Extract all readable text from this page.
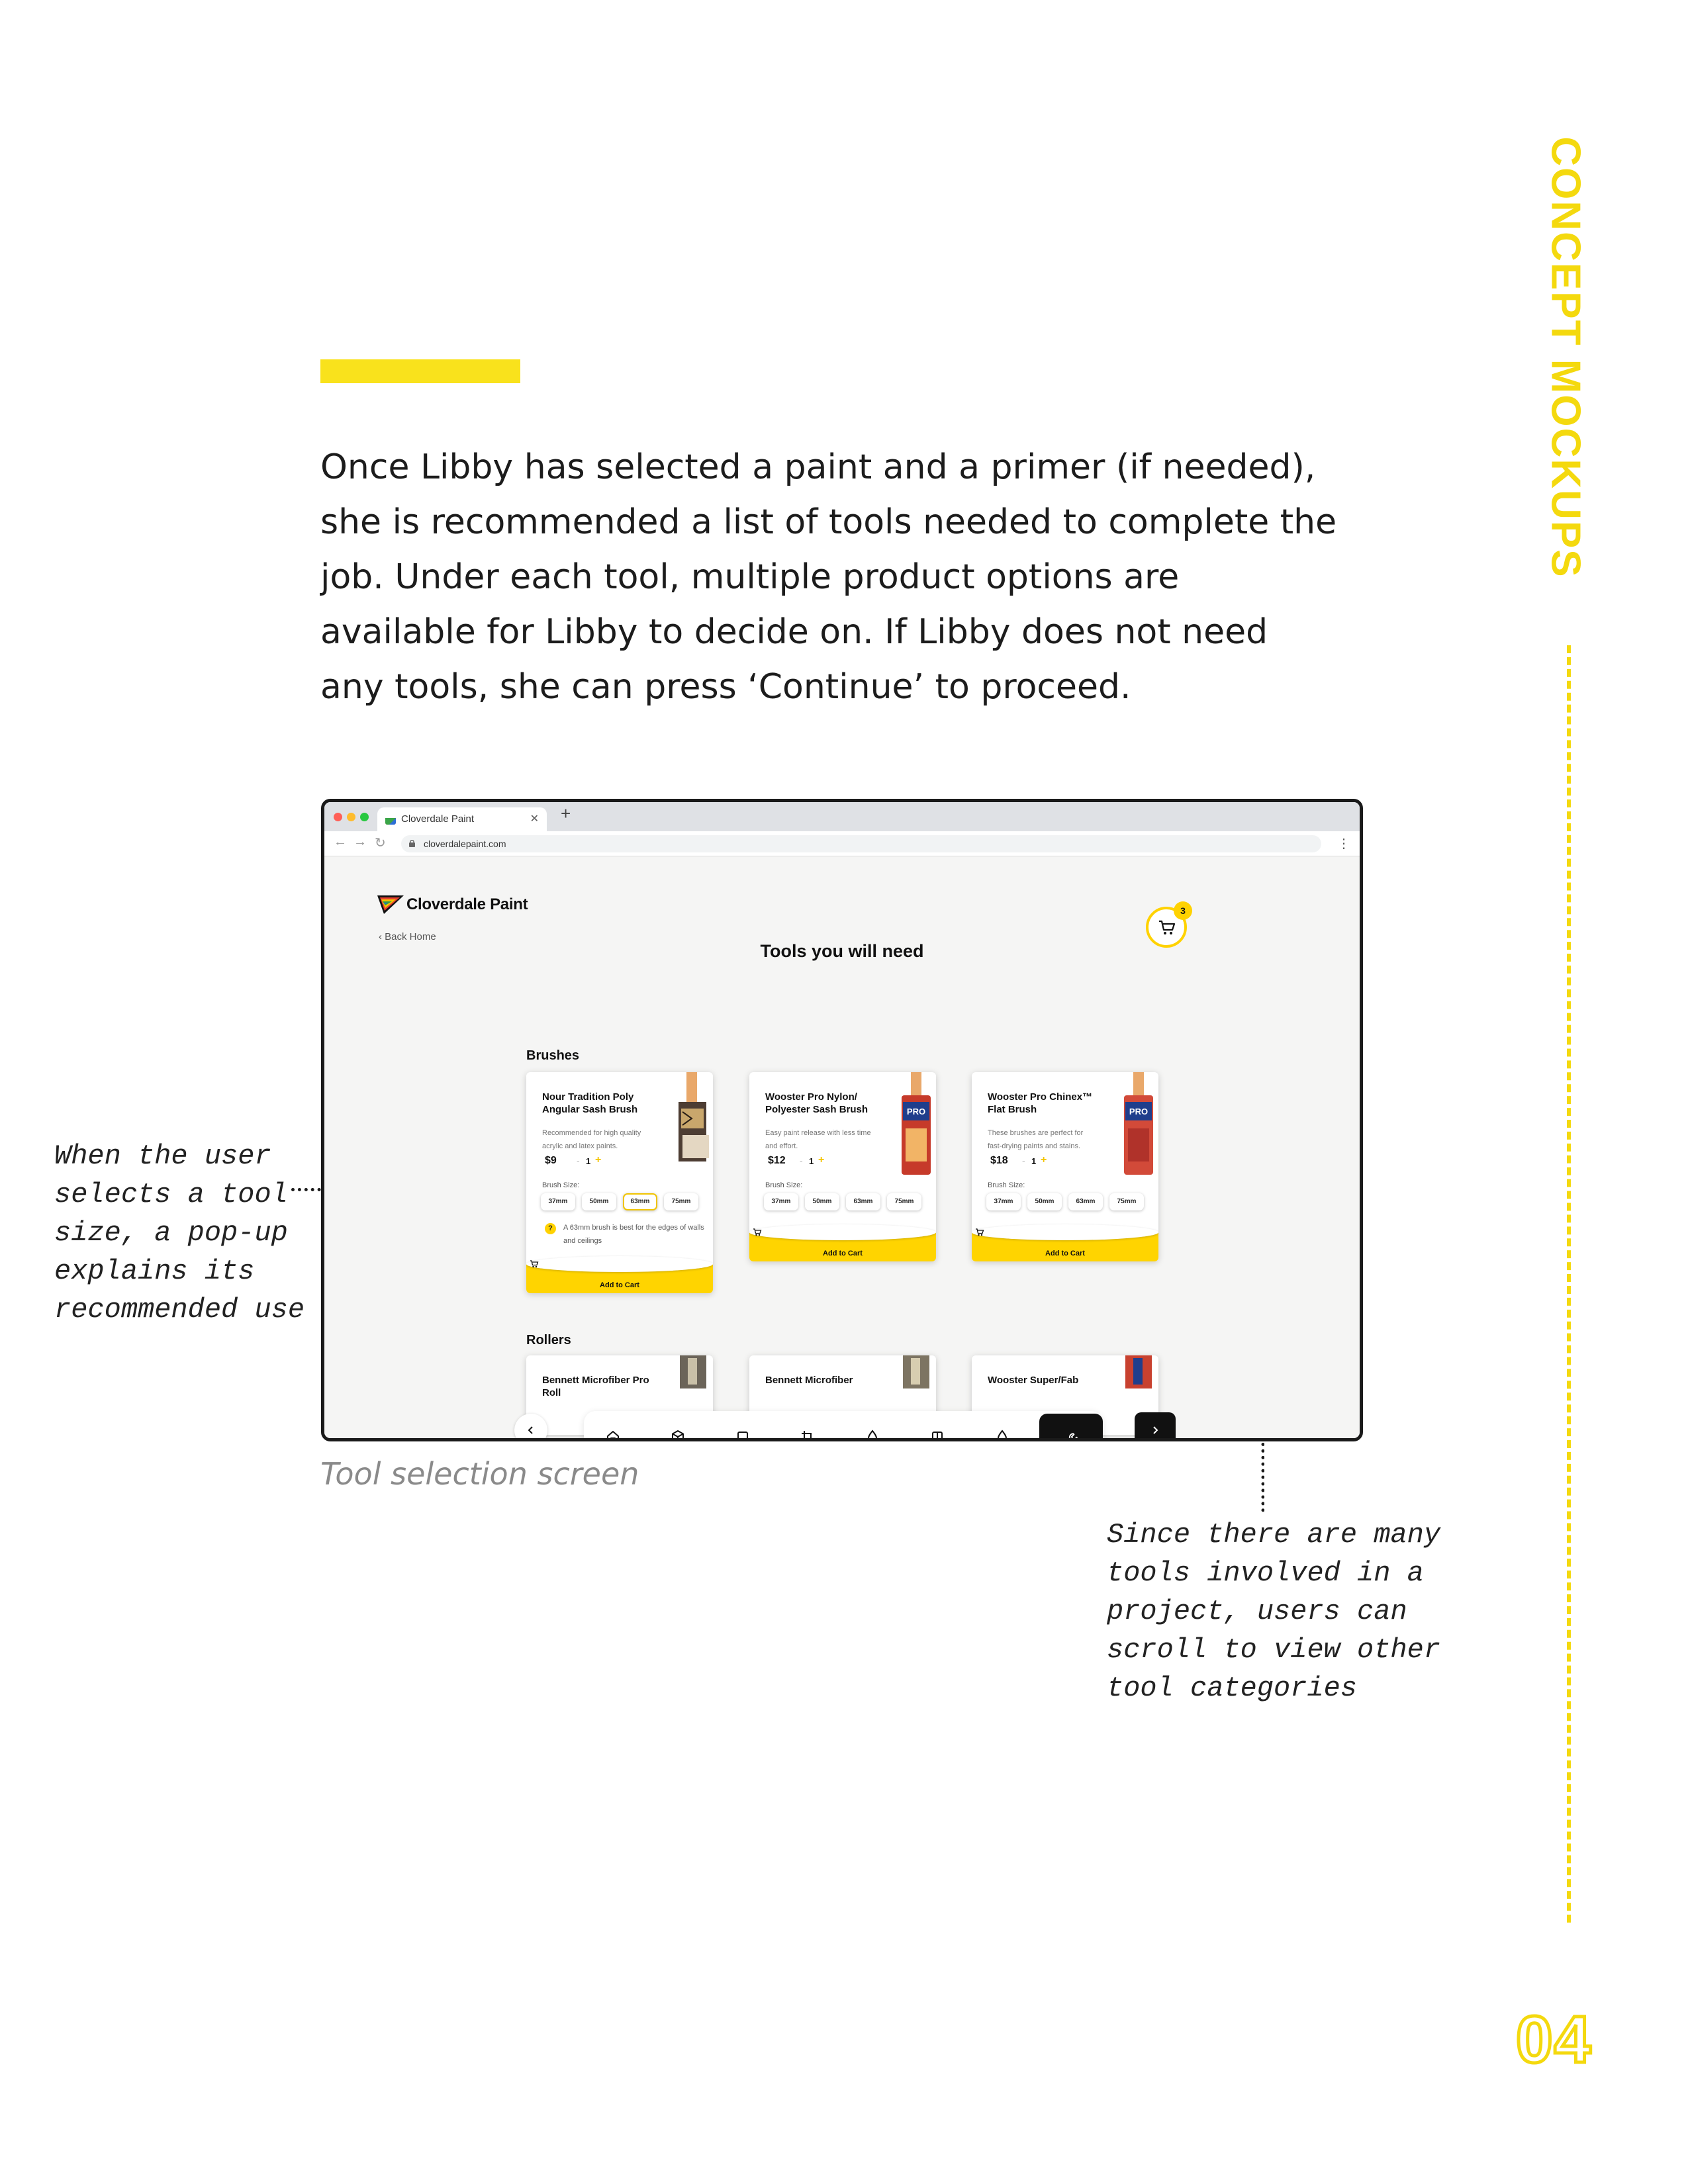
Once Libby has selected a paint and a primer (if needed), she is recommended a list of tools needed to complete the job. Under each tool, multiple product options are available for Libby to decide on. If Libby does not need any tools, she can press ‘Continue’ to proceed.

CONCEPT MOCKUPS
04
When the user
selects a tool
size, a pop-up
explains its
recommended use
Since there are many
tools involved in a
project, users can
scroll to view other
tool categories
Tool selection screen
Cloverdale Paint	✕ +
← → ↻	cloverdalepaint.com	⋮
Cloverdale Paint
‹ Back Home
Tools you will need
3
Brushes
Nour Tradition Poly Angular Sash Brush
Recommended for high quality acrylic and latex paints.
$9 - 1 +
Brush Size:
37mm	50mm	63mm	75mm
?	A 63mm brush is best for the edges of walls and ceilings
Add to Cart
PRO
Wooster Pro Nylon/ Polyester Sash Brush
Easy paint release with less time and effort.
$12 - 1 +
Brush Size:
37mm	50mm	63mm	75mm
Add to Cart
PRO
Wooster Pro Chinex™ Flat Brush
These brushes are perfect for fast-drying paints and stains.
$18 - 1 +
Brush Size:
37mm	50mm	63mm	75mm
Add to Cart
Rollers
Bennett Microfiber Pro Roll
Bennett Microfiber	Wooster Super/Fab
